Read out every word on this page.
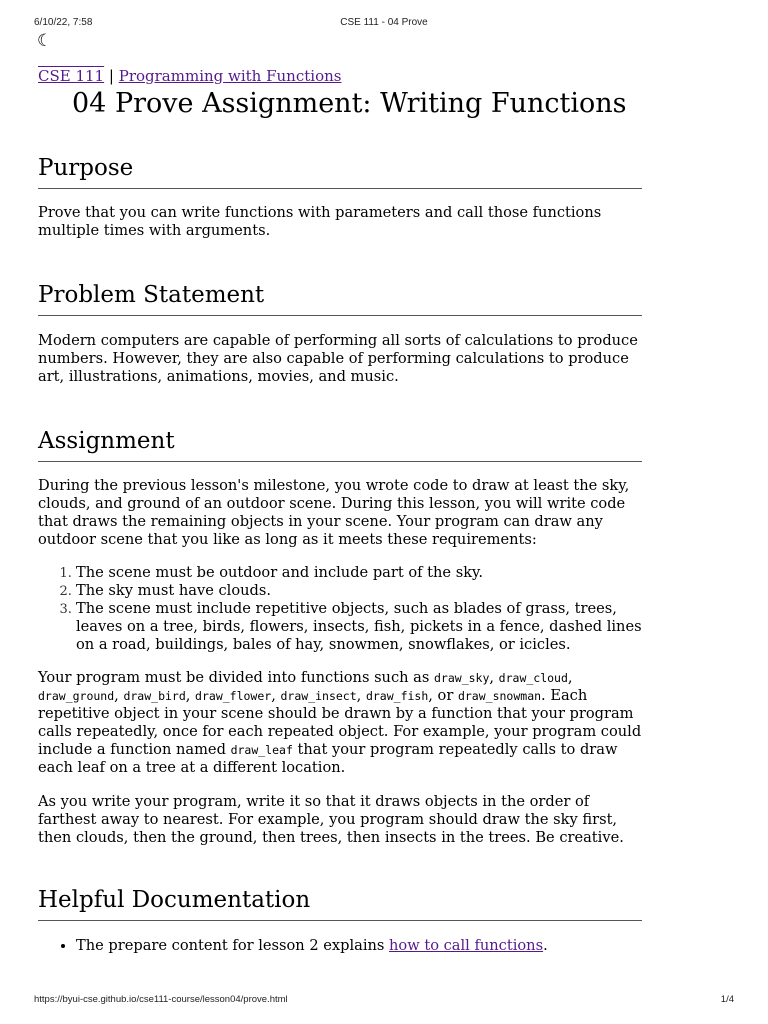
6/10/22, 7:58	CSE 111 - 04 Prove
☾
CSE 111 | Programming with Functions
04 Prove Assignment: Writing Functions
Purpose

Prove that you can write functions with parameters and call those functions multiple times with arguments.

Problem Statement

Modern computers are capable of performing all sorts of calculations to produce numbers. However, they are also capable of performing calculations to produce art, illustrations, animations, movies, and music.

Assignment

During the previous lesson's milestone, you wrote code to draw at least the sky, clouds, and ground of an outdoor scene. During this lesson, you will write code that draws the remaining objects in your scene. Your program can draw any outdoor scene that you like as long as it meets these requirements:

1. The scene must be outdoor and include part of the sky.
2. The sky must have clouds.
3. The scene must include repetitive objects, such as blades of grass, trees, leaves on a tree, birds, flowers, insects, fish, pickets in a fence, dashed lines on a road, buildings, bales of hay, snowmen, snowflakes, or icicles.

Your program must be divided into functions such as draw_sky, draw_cloud, draw_ground, draw_bird, draw_flower, draw_insect, draw_fish, or draw_snowman. Each repetitive object in your scene should be drawn by a function that your program calls repeatedly, once for each repeated object. For example, your program could include a function named draw_leaf that your program repeatedly calls to draw each leaf on a tree at a different location.

As you write your program, write it so that it draws objects in the order of farthest away to nearest. For example, you program should draw the sky first, then clouds, then the ground, then trees, then insects in the trees. Be creative.

Helpful Documentation
• The prepare content for lesson 2 explains how to call functions.
https://byui-cse.github.io/cse111-course/lesson04/prove.html	1/4
